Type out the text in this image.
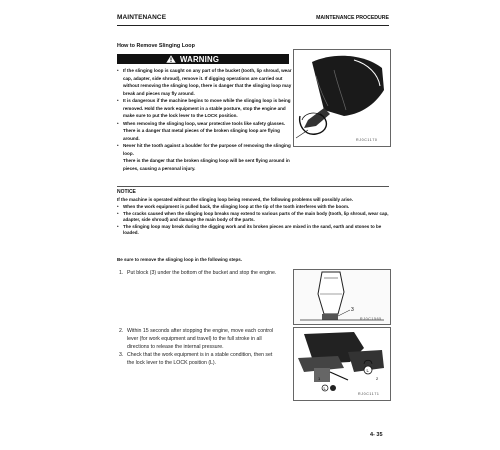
MAINTENANCE	MAINTENANCE PROCEDURE
How to Remove Slinging Loop
WARNING
• If the slinging loop is caught on any part of the bucket (tooth, lip shroud, wear cap, adapter, side shroud), remove it. If digging operations are carried out without removing the slinging loop, there is danger that the slinging loop may break and pieces may fly around.
• It is dangerous if the machine begins to move while the slinging loop is being removed. Hold the work equipment in a stable posture, stop the engine and make sure to put the lock lever to the LOCK position.
• When removing the slinging loop, wear protective tools like safety glasses. There is a danger that metal pieces of the broken slinging loop are flying around.
• Never hit the tooth against a boulder for the purpose of removing the slinging loop.
There is the danger that the broken slinging loop will be sent flying around in pieces, causing a personal injury.
RJ0C1170
NOTICE
If the machine is operated without the slinging loop being removed, the following problems will possibly arise.
• When the work equipment is pulled back, the slinging loop at the tip of the tooth interferes with the boom.
• The cracks caused when the slinging loop breaks may extend to various parts of the main body (tooth, lip shroud, wear cap, adapter, side shroud) and damage the main body of the parts.
• The slinging loop may break during the digging work and its broken pieces are mixed in the sand, earth and stones to be loaded.
Be sure to remove the slinging loop in the following steps.
1. Put block (3) under the bottom of the bucket and stop the engine.
3
RJ0C1565
2. Within 15 seconds after stopping the engine, move each control lever (for work equipment and travel) to the full stroke in all directions to release the internal pressure.
3. Check that the work equipment is in a stable condition, then set the lock lever to the LOCK position (L).
L
L
1	2
RJ0C1171
4- 35
